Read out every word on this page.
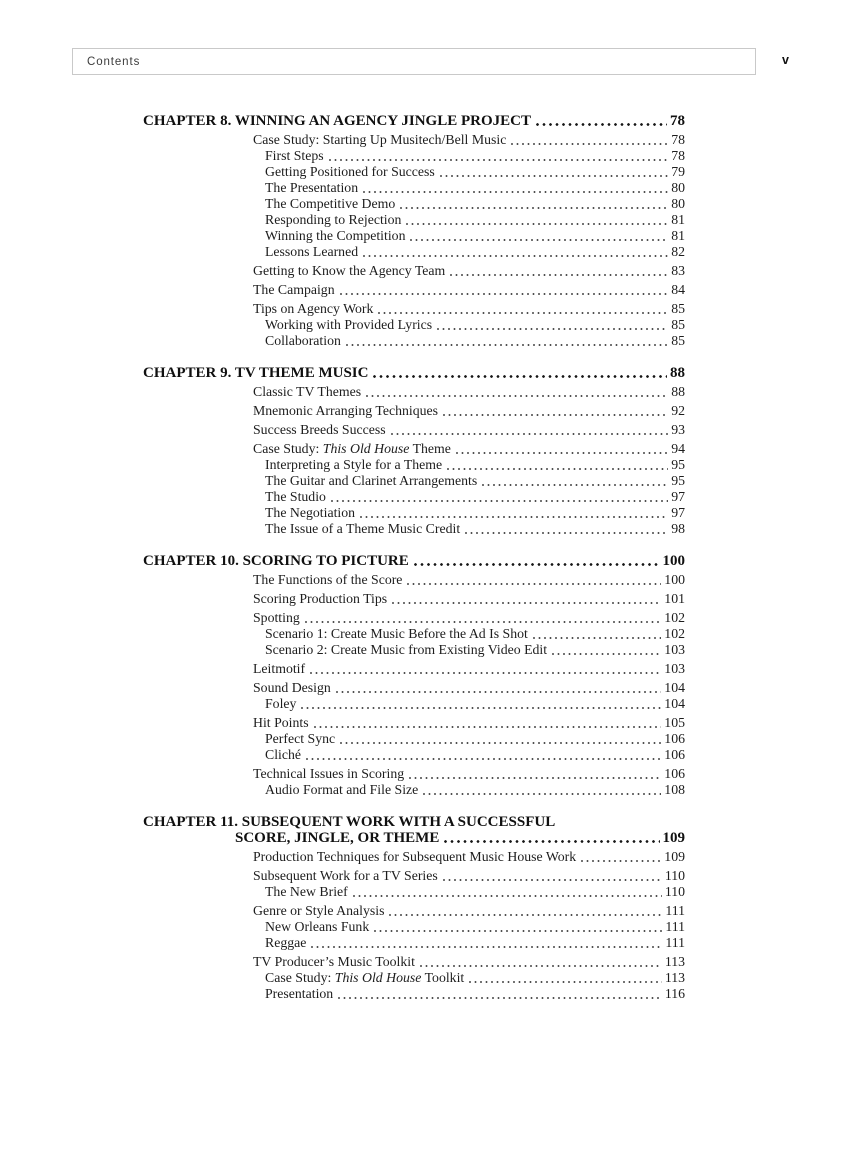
Contents	v
CHAPTER 8. WINNING AN AGENCY JINGLE PROJECT	78
Case Study: Starting Up Musitech/Bell Music	78
First Steps	78
Getting Positioned for Success	79
The Presentation	80
The Competitive Demo	80
Responding to Rejection	81
Winning the Competition	81
Lessons Learned	82
Getting to Know the Agency Team	83
The Campaign	84
Tips on Agency Work	85
Working with Provided Lyrics	85
Collaboration	85
CHAPTER 9. TV THEME MUSIC	88
Classic TV Themes	88
Mnemonic Arranging Techniques	92
Success Breeds Success	93
Case Study: This Old House Theme	94
Interpreting a Style for a Theme	95
The Guitar and Clarinet Arrangements	95
The Studio	97
The Negotiation	97
The Issue of a Theme Music Credit	98
CHAPTER 10. SCORING TO PICTURE	100
The Functions of the Score	100
Scoring Production Tips	101
Spotting	102
Scenario 1: Create Music Before the Ad Is Shot	102
Scenario 2: Create Music from Existing Video Edit	103
Leitmotif	103
Sound Design	104
Foley	104
Hit Points	105
Perfect Sync	106
Cliché	106
Technical Issues in Scoring	106
Audio Format and File Size	108
CHAPTER 11. SUBSEQUENT WORK WITH A SUCCESSFUL
SCORE, JINGLE, OR THEME	109
Production Techniques for Subsequent Music House Work	109
Subsequent Work for a TV Series	110
The New Brief	110
Genre or Style Analysis	111
New Orleans Funk	111
Reggae	111
TV Producer’s Music Toolkit	113
Case Study: This Old House Toolkit	113
Presentation	116
